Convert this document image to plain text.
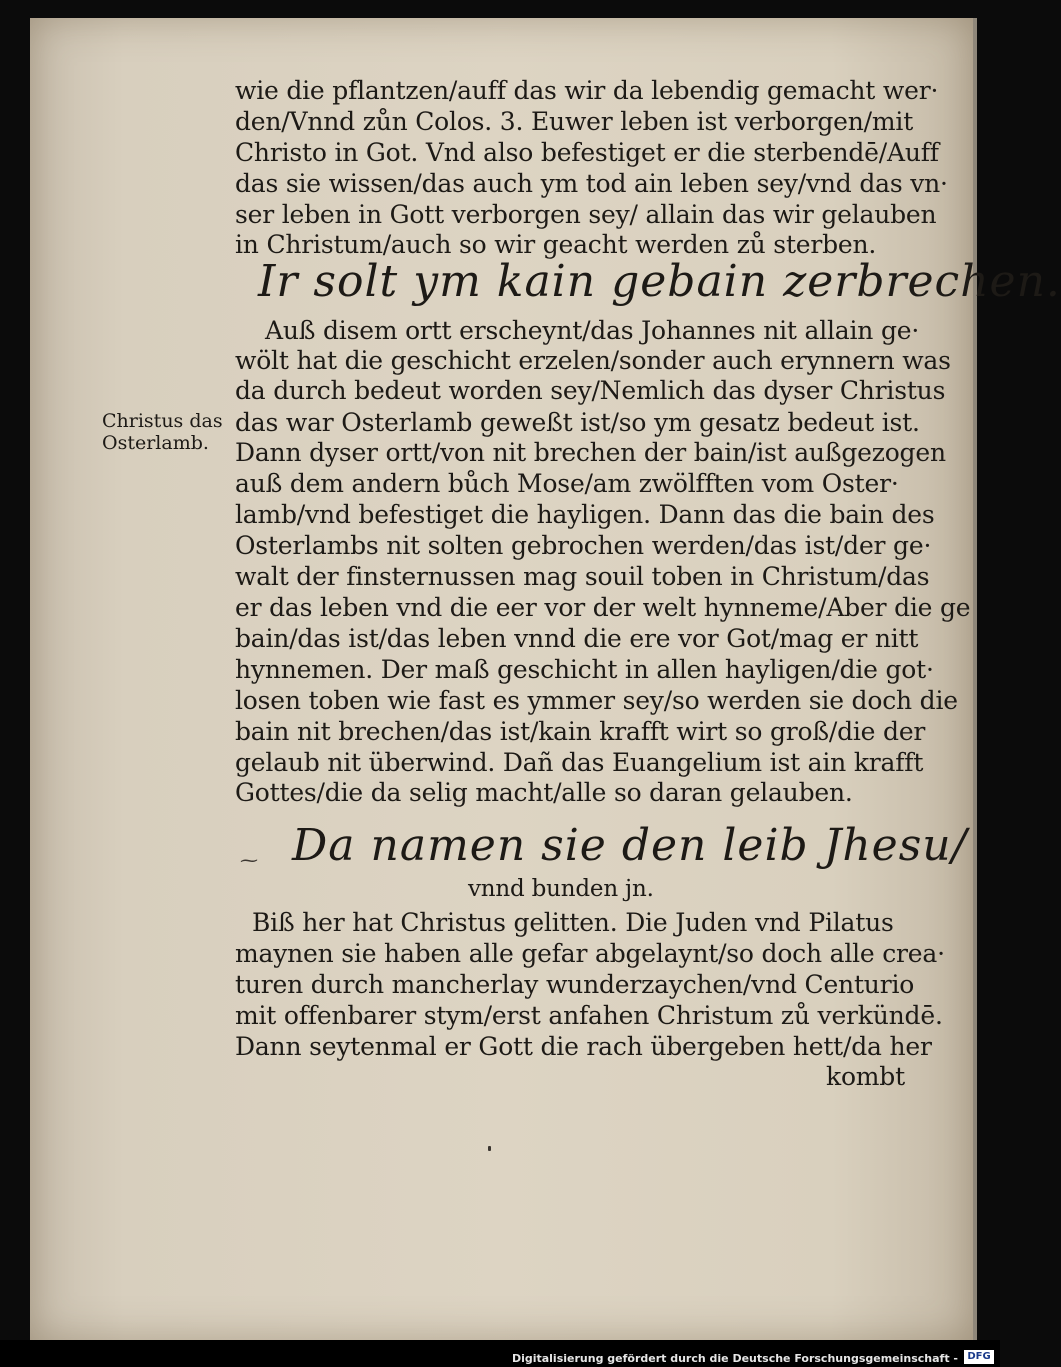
wie die pflantzen/auff das wir da lebendig gemacht wer·
den/Vnnd zůn Colos. 3. Euwer leben ist verborgen/mit
Christo in Got. Vnd also befestiget er die sterbendē/Auff
das sie wissen/das auch ym tod ain leben sey/vnd das vn·
ser leben in Gott verborgen sey/ allain das wir gelauben
in Christum/auch so wir geacht werden zů sterben.
Ir solt ym kain gebain zerbrechen.
Auß disem ortt erscheynt/das Johannes nit allain ge·
wölt hat die geschicht erzelen/sonder auch erynnern was
da durch bedeut worden sey/Nemlich das dyser Christus
das war Osterlamb geweßt ist/so ym gesatz bedeut ist.
Dann dyser ortt/von nit brechen der bain/ist außgezogen
auß dem andern bůch Mose/am zwölfften vom Oster·
lamb/vnd befestiget die hayligen. Dann das die bain des
Osterlambs nit solten gebrochen werden/das ist/der ge·
walt der finsternussen mag souil toben in Christum/das
er das leben vnd die eer vor der welt hynneme/Aber die ge
bain/das ist/das leben vnnd die ere vor Got/mag er nitt
hynnemen. Der maß geschicht in allen hayligen/die got·
losen toben wie fast es ymmer sey/so werden sie doch die
bain nit brechen/das ist/kain krafft wirt so groß/die der
gelaub nit überwind. Dañ das Euangelium ist ain krafft
Gottes/die da selig macht/alle so daran gelauben.
Christus das
Osterlamb.
⁓ Da namen sie den leib Jhesu/
vnnd bunden jn.
Biß her hat Christus gelitten. Die Juden vnd Pilatus
maynen sie haben alle gefar abgelaynt/so doch alle crea·
turen durch mancherlay wunderzaychen/vnd Centurio
mit offenbarer stym/erst anfahen Christum zů verkündē.
Dann seytenmal er Gott die rach übergeben hett/da her
kombt
Digitalisierung gefördert durch die Deutsche Forschungsgemeinschaft - DFG
